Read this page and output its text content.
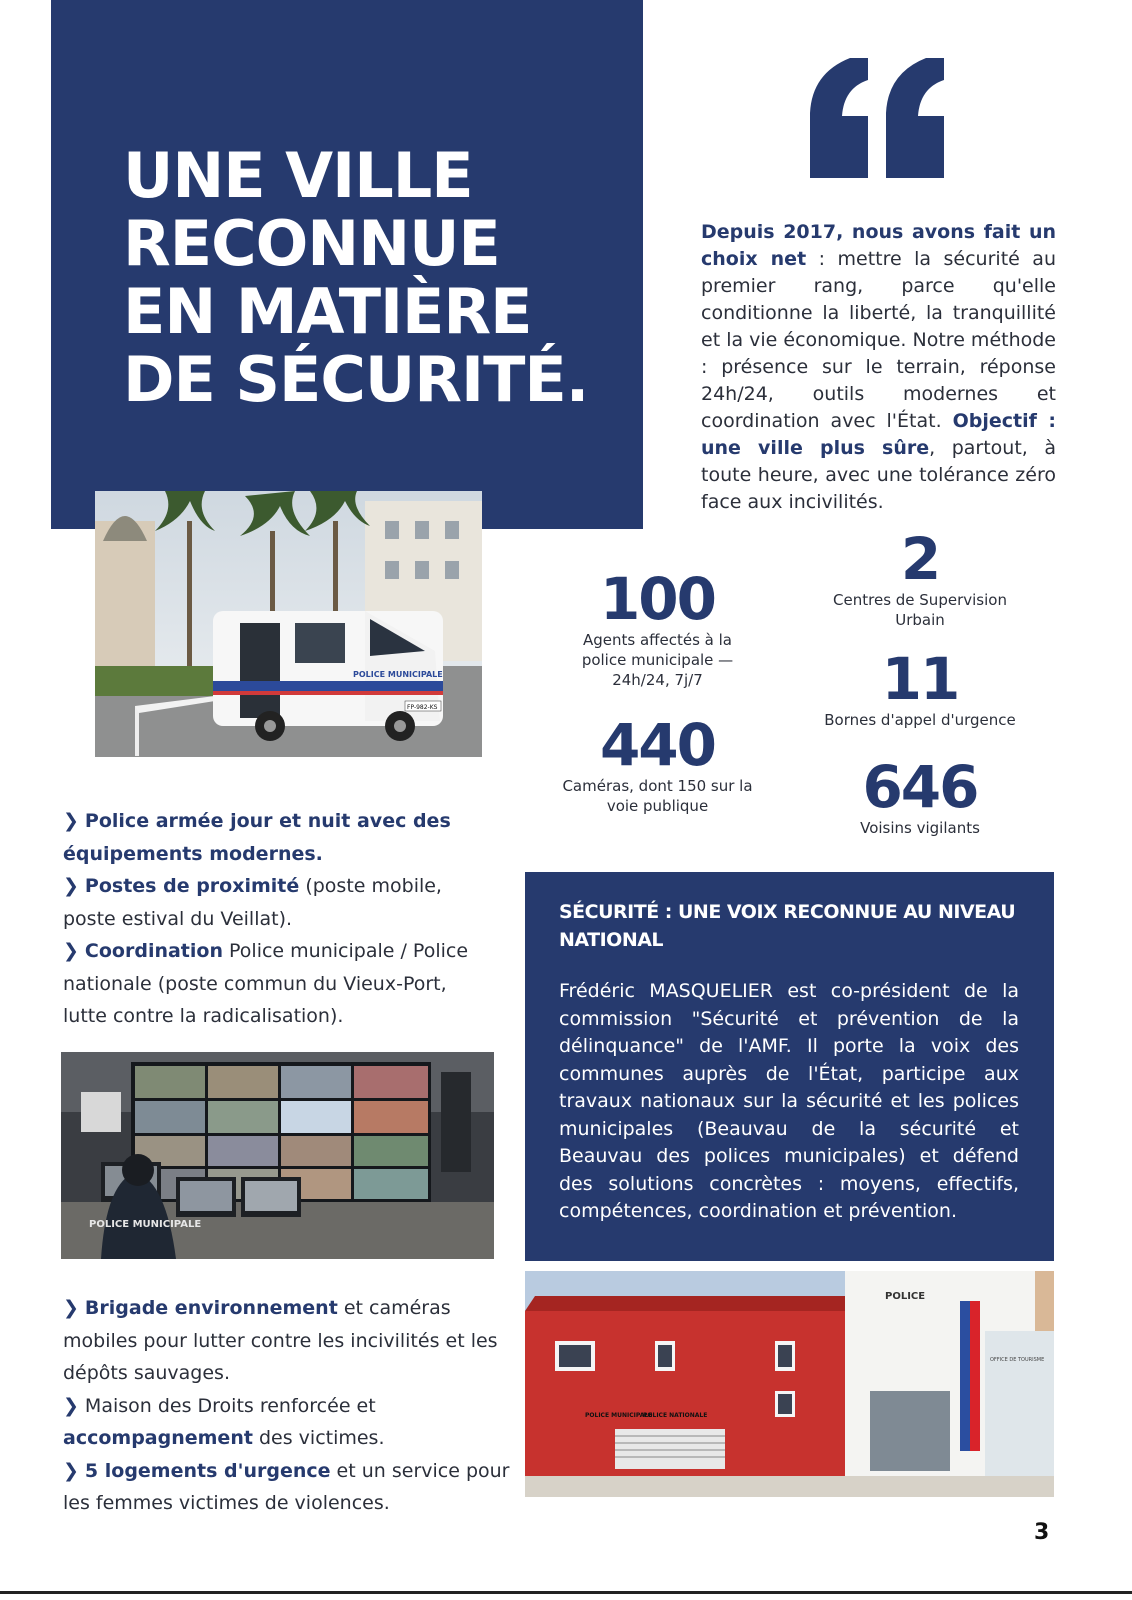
UNE VILLE
RECONNUE
EN MATIÈRE
DE SÉCURITÉ.
Depuis 2017, nous avons fait un choix net : mettre la sécurité au premier rang, parce qu'elle conditionne la liberté, la tranquillité et la vie économique. Notre méthode : présence sur le terrain, réponse 24h/24, outils modernes et coordination avec l'État. Objectif : une ville plus sûre, partout, à toute heure, avec une tolérance zéro face aux incivilités.
POLICE MUNICIPALE
FP-982-KS
100
Agents affectés à la police municipale — 24h/24, 7j/7
440
Caméras, dont 150 sur la voie publique
2
Centres de Supervision Urbain
11
Bornes d'appel d'urgence
646
Voisins vigilants
❯ Police armée jour et nuit avec des équipements modernes.
❯ Postes de proximité (poste mobile, poste estival du Veillat).
❯ Coordination Police municipale / Police nationale (poste commun du Vieux-Port, lutte contre la radicalisation).
POLICE MUNICIPALE
❯ Brigade environnement et caméras mobiles pour lutter contre les incivilités et les dépôts sauvages.
❯ Maison des Droits renforcée et accompagnement des victimes.
❯ 5 logements d'urgence et un service pour les femmes victimes de violences.
SÉCURITÉ : UNE VOIX RECONNUE AU NIVEAU NATIONAL
Frédéric MASQUELIER est co-président de la commission "Sécurité et prévention de la délinquance" de l'AMF. Il porte la voix des communes auprès de l'État, participe aux travaux nationaux sur la sécurité et les polices municipales (Beauvau de la sécurité et Beauvau des polices municipales) et défend des solutions concrètes : moyens, effectifs, compétences, coordination et prévention.
POLICE
OFFICE DE TOURISME
POLICE MUNICIPALE
POLICE NATIONALE
3
